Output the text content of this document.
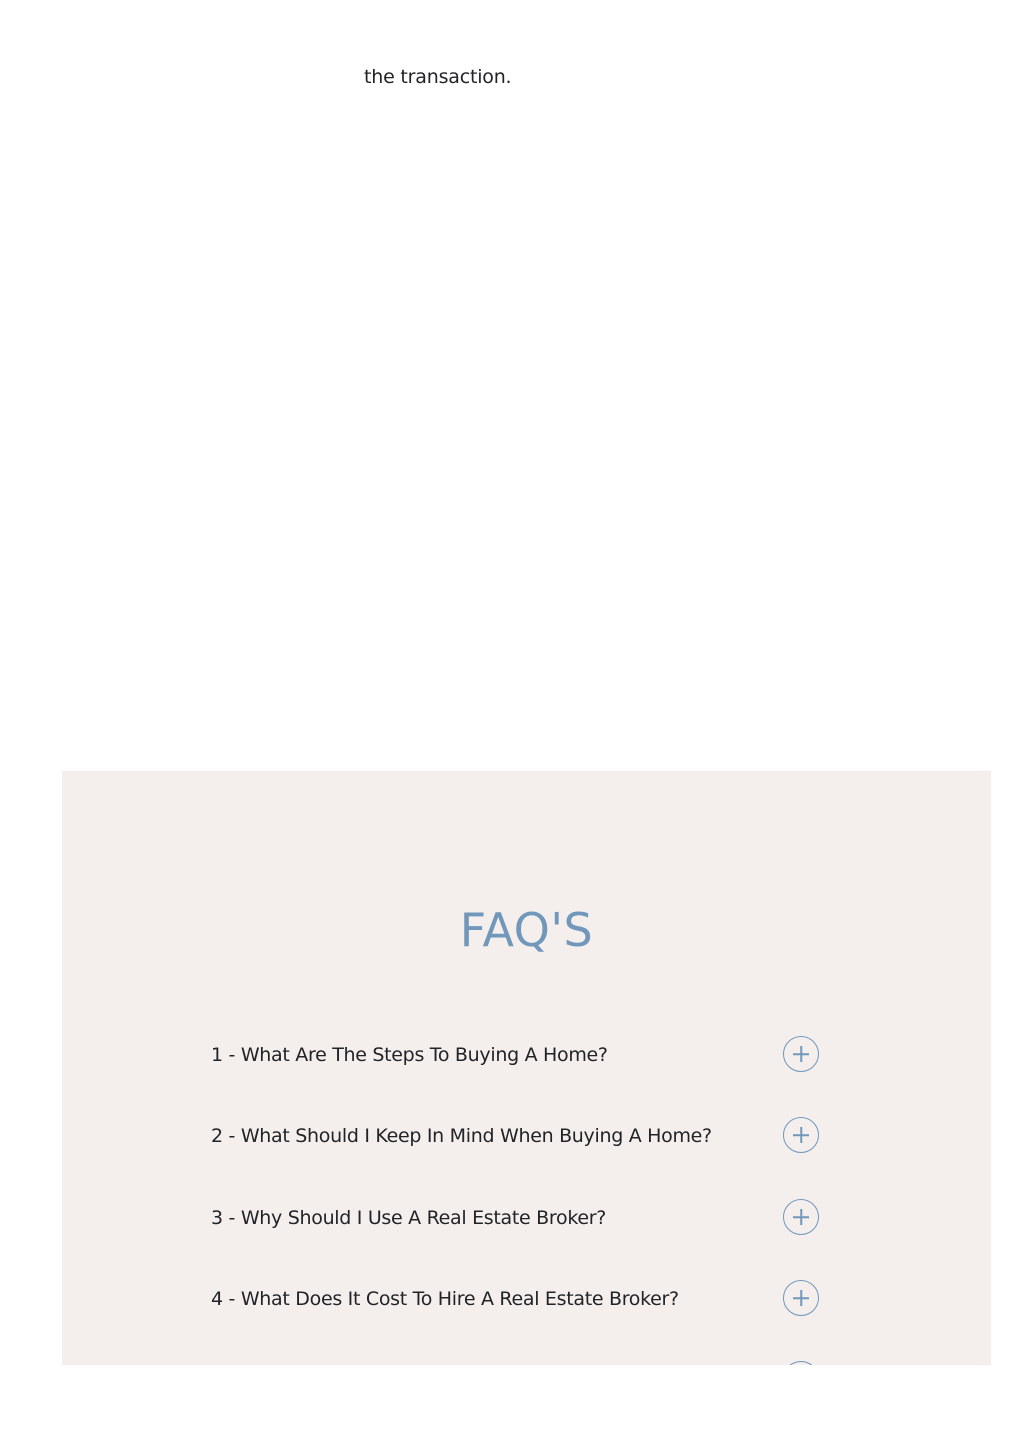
the transaction.

FAQ'S
1 - What Are The Steps To Buying A Home?
2 - What Should I Keep In Mind When Buying A Home?
3 - Why Should I Use A Real Estate Broker?
4 - What Does It Cost To Hire A Real Estate Broker?
